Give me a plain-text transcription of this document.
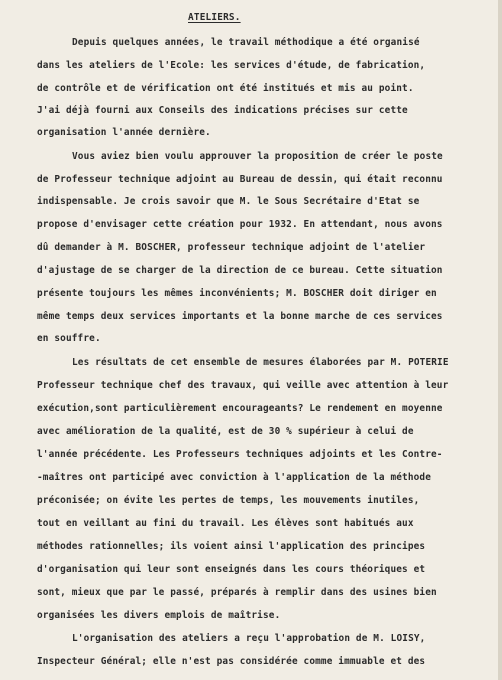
ATELIERS.
Depuis quelques années, le travail méthodique a été organisé
dans les ateliers de l'Ecole: les services d'étude, de fabrication,
de contrôle et de vérification ont été institués et mis au point.
J'ai déjà fourni aux Conseils des indications précises sur cette
organisation l'année dernière.
Vous aviez bien voulu approuver la proposition de créer le poste
de Professeur technique adjoint au Bureau de dessin, qui était reconnu
indispensable. Je crois savoir que M. le Sous Secrétaire d'Etat se
propose d'envisager cette création pour 1932. En attendant, nous avons
dû demander à M. BOSCHER, professeur technique adjoint de l'atelier
d'ajustage de se charger de la direction de ce bureau. Cette situation
présente toujours les mêmes inconvénients; M. BOSCHER doit diriger en
même temps deux services importants et la bonne marche de ces services
en souffre.
Les résultats de cet ensemble de mesures élaborées par M. POTERIE
Professeur technique chef des travaux, qui veille avec attention à leur
exécution,sont particulièrement encourageants? Le rendement en moyenne
avec amélioration de la qualité, est de 30 % supérieur à celui de
l'année précédente. Les Professeurs techniques adjoints et les Contre-
-maîtres ont participé avec conviction à l'application de la méthode
préconisée; on évite les pertes de temps, les mouvements inutiles,
tout en veillant au fini du travail. Les élèves sont habitués aux
méthodes rationnelles; ils voient ainsi l'application des principes
d'organisation qui leur sont enseignés dans les cours théoriques et
sont, mieux que par le passé, préparés à remplir dans des usines bien
organisées les divers emplois de maîtrise.
L'organisation des ateliers a reçu l'approbation de M. LOISY,
Inspecteur Général; elle n'est pas considérée comme immuable et des
